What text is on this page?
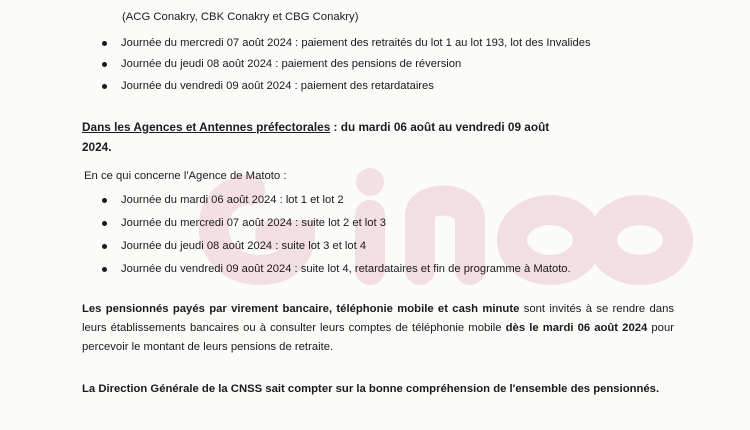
(ACG Conakry, CBK Conakry et CBG Conakry)
Journée du mercredi 07 août 2024 : paiement des retraités du lot 1 au lot 193, lot des Invalides
Journée du jeudi 08 août 2024 : paiement des pensions de réversion
Journée du vendredi 09 août 2024 : paiement des retardataires
Dans les Agences et Antennes préfectorales : du mardi 06 août au vendredi 09 août
2024.
En ce qui concerne l'Agence de Matoto :
Journée du mardi 06 août 2024 : lot 1 et lot 2
Journée du mercredi 07 août 2024 : suite lot 2 et lot 3
Journée du jeudi 08 août 2024 : suite lot 3 et lot 4
Journée du vendredi 09 août 2024 : suite lot 4, retardataires et fin de programme à Matoto.
Les pensionnés payés par virement bancaire, téléphonie mobile et cash minute sont invités à se rendre dans leurs établissements bancaires ou à consulter leurs comptes de téléphonie mobile dès le mardi 06 août 2024 pour percevoir le montant de leurs pensions de retraite.
La Direction Générale de la CNSS sait compter sur la bonne compréhension de l'ensemble des pensionnés.
